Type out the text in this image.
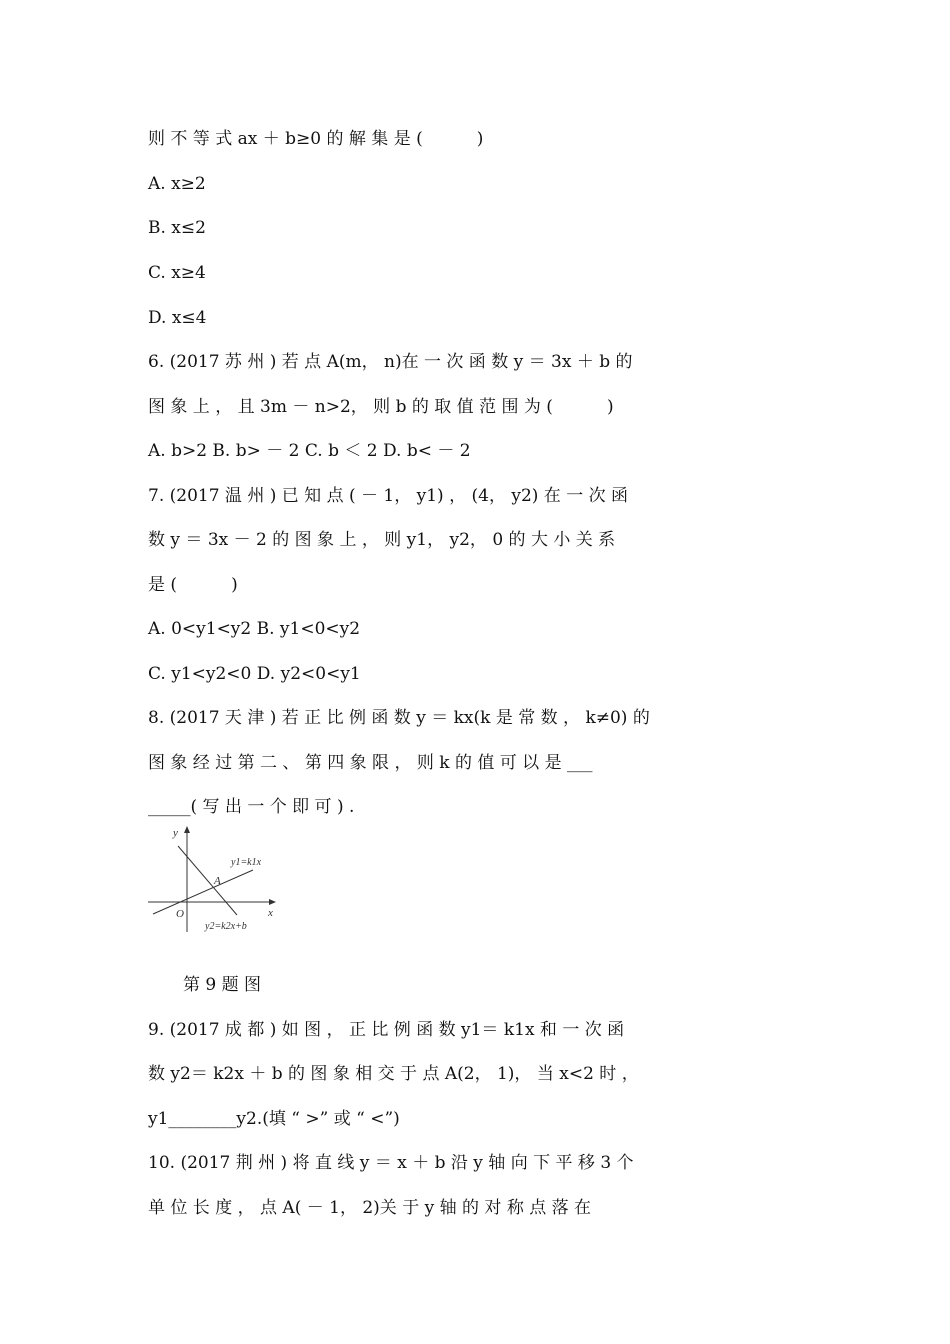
则 不 等 式 ax ＋ b≥0 的 解 集 是 (          )
A. x≥2
B. x≤2
C. x≥4
D. x≤4
6. (2017 苏 州 ) 若 点 A(m， n)在 一 次 函 数 y ＝ 3x ＋ b 的
图 象 上 ， 且 3m － n>2， 则 b 的 取 值 范 围 为 (          )
A. b>2 B. b> － 2 C. b ＜ 2 D. b< － 2
7. (2017 温 州 ) 已 知 点 ( － 1， y1) ， (4， y2) 在 一 次 函
数 y ＝ 3x － 2 的 图 象 上 ， 则 y1， y2， 0 的 大 小 关 系
是 (          )
A. 0<y1<y2 B. y1<0<y2
C. y1<y2<0 D. y2<0<y1
8. (2017 天 津 ) 若 正 比 例 函 数 y ＝ kx(k 是 常 数 ， k≠0) 的
图 象 经 过 第 二 、 第 四 象 限 ， 则 k 的 值 可 以 是 ___
_____( 写 出 一 个 即 可 ) .
y
x
O
A
y1=k1x
y2=k2x+b
第 9 题 图
9. (2017 成 都 ) 如 图 ， 正 比 例 函 数 y1＝ k1x 和 一 次 函
数 y2＝ k2x ＋ b 的 图 象 相 交 于 点 A(2， 1)， 当 x<2 时 ，
y1________y2.(填 “ >” 或 “ <”)
10. (2017 荆 州 ) 将 直 线 y ＝ x ＋ b 沿 y 轴 向 下 平 移 3 个
单 位 长 度 ， 点 A( － 1， 2)关 于 y 轴 的 对 称 点 落 在
